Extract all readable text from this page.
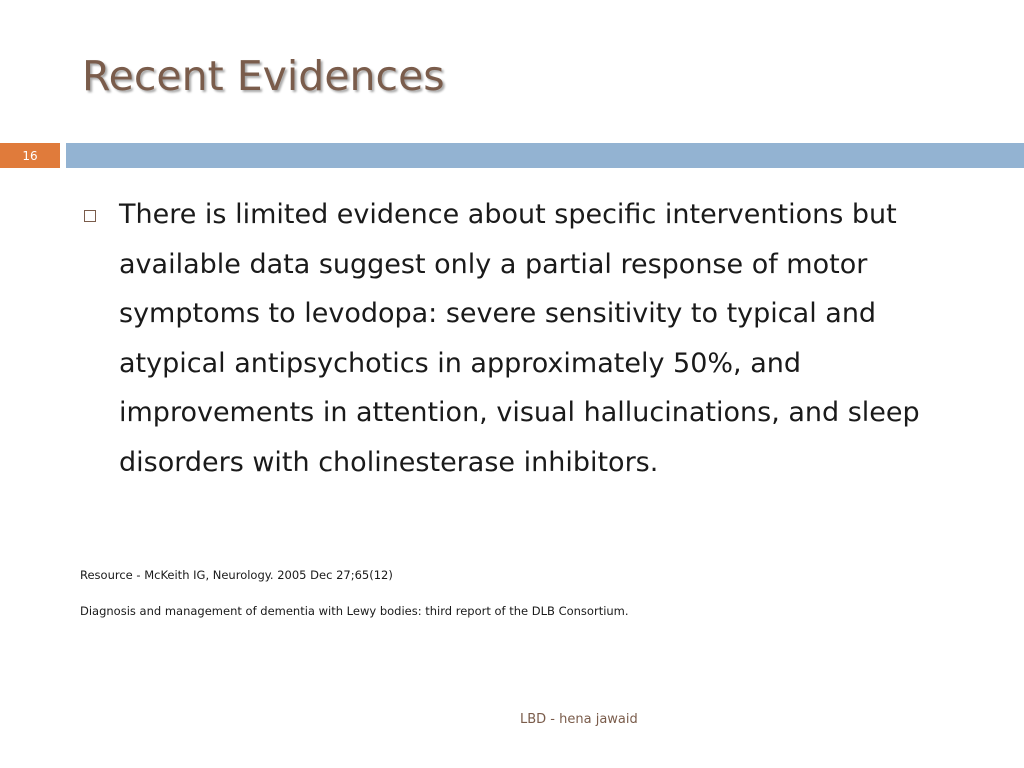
Recent Evidences
16
There is limited evidence about specific interventions but available data suggest only a partial response of motor symptoms to levodopa: severe sensitivity to typical and atypical antipsychotics in approximately 50%, and improvements in attention, visual hallucinations, and sleep disorders with cholinesterase inhibitors.
Resource - McKeith IG, Neurology. 2005 Dec 27;65(12)
Diagnosis and management of dementia with Lewy bodies: third report of the DLB Consortium.
LBD - hena jawaid
